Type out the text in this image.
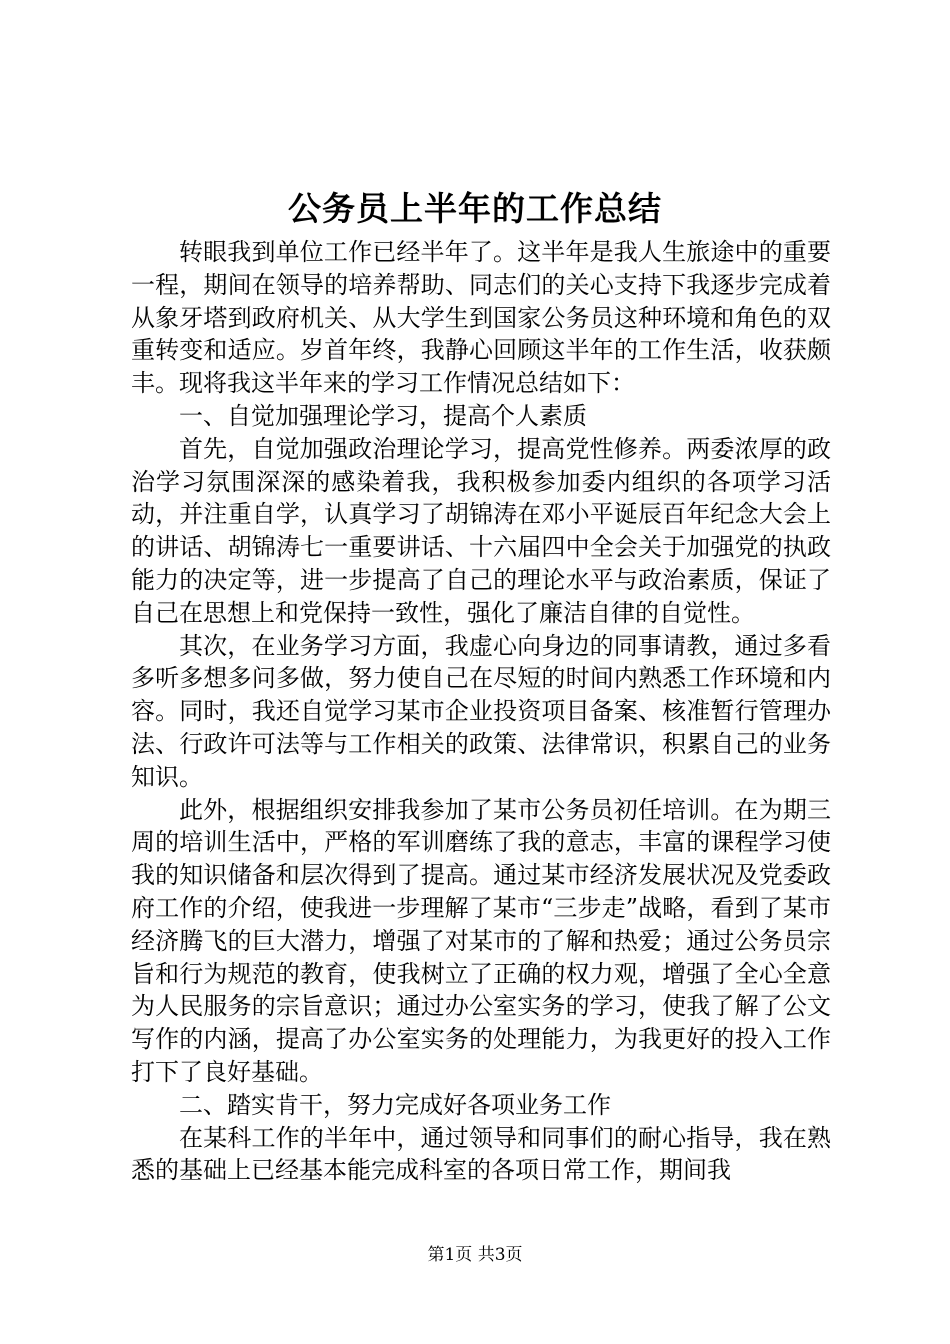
公务员上半年的工作总结

转眼我到单位工作已经半年了。这半年是我人生旅途中的重要一程，期间在领导的培养帮助、同志们的关心支持下我逐步完成着从象牙塔到政府机关、从大学生到国家公务员这种环境和角色的双重转变和适应。岁首年终，我静心回顾这半年的工作生活，收获颇丰。现将我这半年来的学习工作情况总结如下：

一、自觉加强理论学习，提高个人素质

首先，自觉加强政治理论学习，提高党性修养。两委浓厚的政治学习氛围深深的感染着我，我积极参加委内组织的各项学习活动，并注重自学，认真学习了胡锦涛在邓小平诞辰百年纪念大会上的讲话、胡锦涛七一重要讲话、十六届四中全会关于加强党的执政能力的决定等，进一步提高了自己的理论水平与政治素质，保证了自己在思想上和党保持一致性，强化了廉洁自律的自觉性。

其次，在业务学习方面，我虚心向身边的同事请教，通过多看多听多想多问多做，努力使自己在尽短的时间内熟悉工作环境和内容。同时，我还自觉学习某市企业投资项目备案、核准暂行管理办法、行政许可法等与工作相关的政策、法律常识，积累自己的业务知识。

此外，根据组织安排我参加了某市公务员初任培训。在为期三周的培训生活中，严格的军训磨练了我的意志，丰富的课程学习使我的知识储备和层次得到了提高。通过某市经济发展状况及党委政府工作的介绍，使我进一步理解了某市“三步走”战略，看到了某市经济腾飞的巨大潜力，增强了对某市的了解和热爱；通过公务员宗旨和行为规范的教育，使我树立了正确的权力观，增强了全心全意为人民服务的宗旨意识；通过办公室实务的学习，使我了解了公文写作的内涵，提高了办公室实务的处理能力，为我更好的投入工作打下了良好基础。

二、踏实肯干，努力完成好各项业务工作

在某科工作的半年中，通过领导和同事们的耐心指导，我在熟悉的基础上已经基本能完成科室的各项日常工作，期间我

第1页 共3页
